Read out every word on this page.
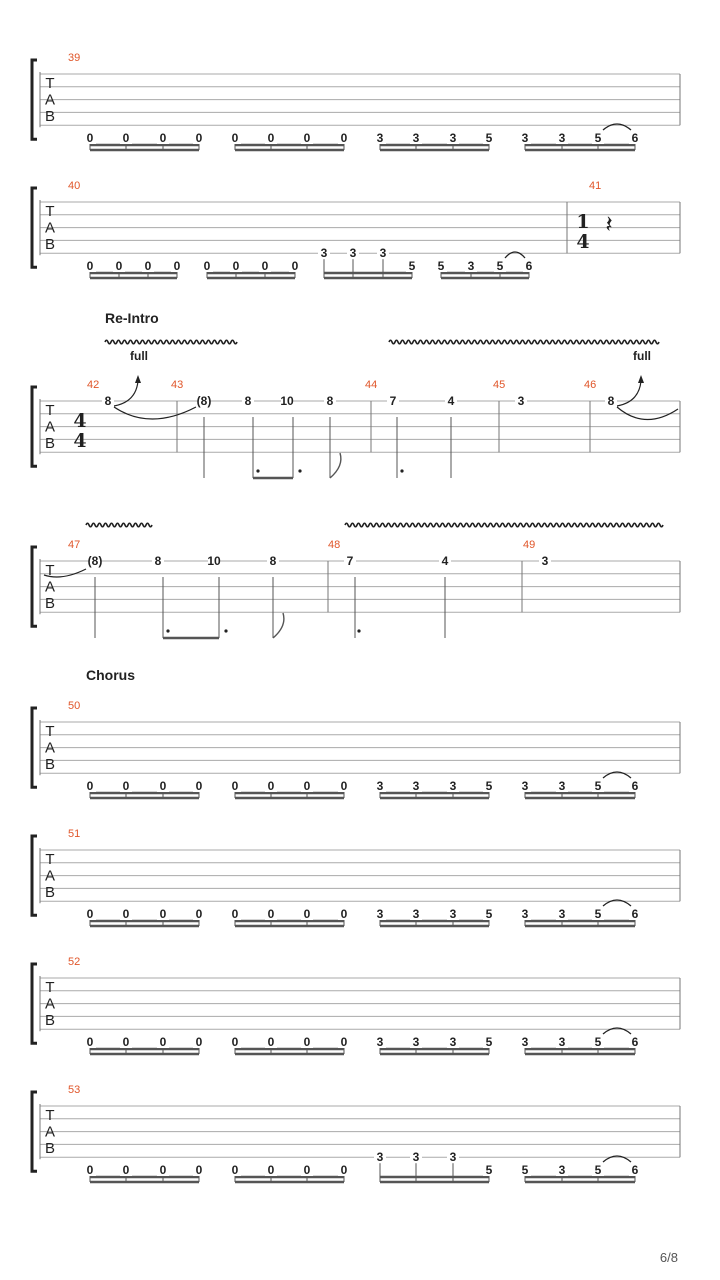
T
A
B
39
0 0	0 0 0 0 0	0 3 3	3 5 3	3 5	6
T
A
B
50
Chorus
0 0	0 0 0 0 0	0 3 3	3 5 3	3 5	6
T
A
B
51
0 0	0 0 0 0 0	0 3 3	3 5 3	3 5	6
T
A
B
52
0 0	0 0 0 0 0	0 3 3	3 5 3	3 5	6
T
A
B
53
0 0	0 0 0 0 0	0
3 3	3
5 5	3 5	6
T
A
B
40
0 0 0 0 0 0 0 0
3 3 3
5 5 3 5 6
41
1
4
𝄽
T
A
B
Re-Intro
42	43	44	45	46
4
4
full	full
8	(8)	8 10	8	7	4	3	8
T
A
B
47	48	49
(8)	8	10	8	7	4	3
6/8
